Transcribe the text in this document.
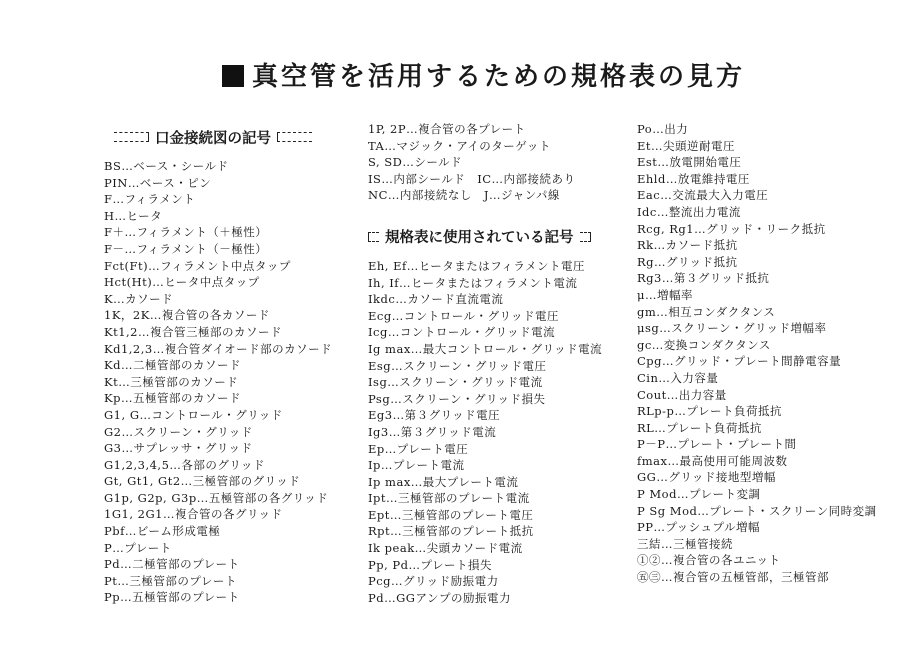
真空管を活用するための規格表の見方
口金接続図の記号
BS…ベース・シールド
PIN…ベース・ピン
F…フィラメント
H…ヒータ
F＋…フィラメント（＋極性）
F－…フィラメント（－極性）
Fct(Ft)…フィラメント中点タップ
Hct(Ht)…ヒータ中点タップ
K…カソード
1K，2K…複合管の各カソード
Kt1,2…複合管三極部のカソード
Kd1,2,3…複合管ダイオード部のカソード
Kd…二極管部のカソード
Kt…三極管部のカソード
Kp…五極管部のカソード
G1, G…コントロール・グリッド
G2…スクリーン・グリッド
G3…サプレッサ・グリッド
G1,2,3,4,5…各部のグリッド
Gt, Gt1, Gt2…三極管部のグリッド
G1p, G2p, G3p…五極管部の各グリッド
1G1, 2G1…複合管の各グリッド
Pbf…ビーム形成電極
P…プレート
Pd…二極管部のプレート
Pt…三極管部のプレート
Pp…五極管部のプレート
1P, 2P…複合管の各プレート
TA…マジック・アイのターゲット
S, SD…シールド
IS…内部シールド　IC…内部接続あり
NC…内部接続なし　J…ジャンパ線
規格表に使用されている記号
Eh, Ef…ヒータまたはフィラメント電圧
Ih, If…ヒータまたはフィラメント電流
Ikdc…カソード直流電流
Ecg…コントロール・グリッド電圧
Icg…コントロール・グリッド電流
Ig max…最大コントロール・グリッド電流
Esg…スクリーン・グリッド電圧
Isg…スクリーン・グリッド電流
Psg…スクリーン・グリッド損失
Eg3…第３グリッド電圧
Ig3…第３グリッド電流
Ep…プレート電圧
Ip…プレート電流
Ip max…最大プレート電流
Ipt…三極管部のプレート電流
Ept…三極管部のプレート電圧
Rpt…三極管部のプレート抵抗
Ik peak…尖頭カソード電流
Pp, Pd…プレート損失
Pcg…グリッド励振電力
Pd…GGアンプの励振電力
Po…出力
Et…尖頭逆耐電圧
Est…放電開始電圧
Ehld…放電維持電圧
Eac…交流最大入力電圧
Idc…整流出力電流
Rcg, Rg1…グリッド・リーク抵抗
Rk…カソード抵抗
Rg…グリッド抵抗
Rg3…第３グリッド抵抗
μ…増幅率
gm…相互コンダクタンス
μsg…スクリーン・グリッド増幅率
gc…変換コンダクタンス
Cpg…グリッド・プレート間静電容量
Cin…入力容量
Cout…出力容量
RLp-p…プレート負荷抵抗
RL…プレート負荷抵抗
P－P…プレート・プレート間
fmax…最高使用可能周波数
GG…グリッド接地型増幅
P Mod…プレート変調
P Sg Mod…プレート・スクリーン同時変調
PP…プッシュプル増幅
三結…三極管接続
①②…複合管の各ユニット
㊄㊂…複合管の五極管部，三極管部
